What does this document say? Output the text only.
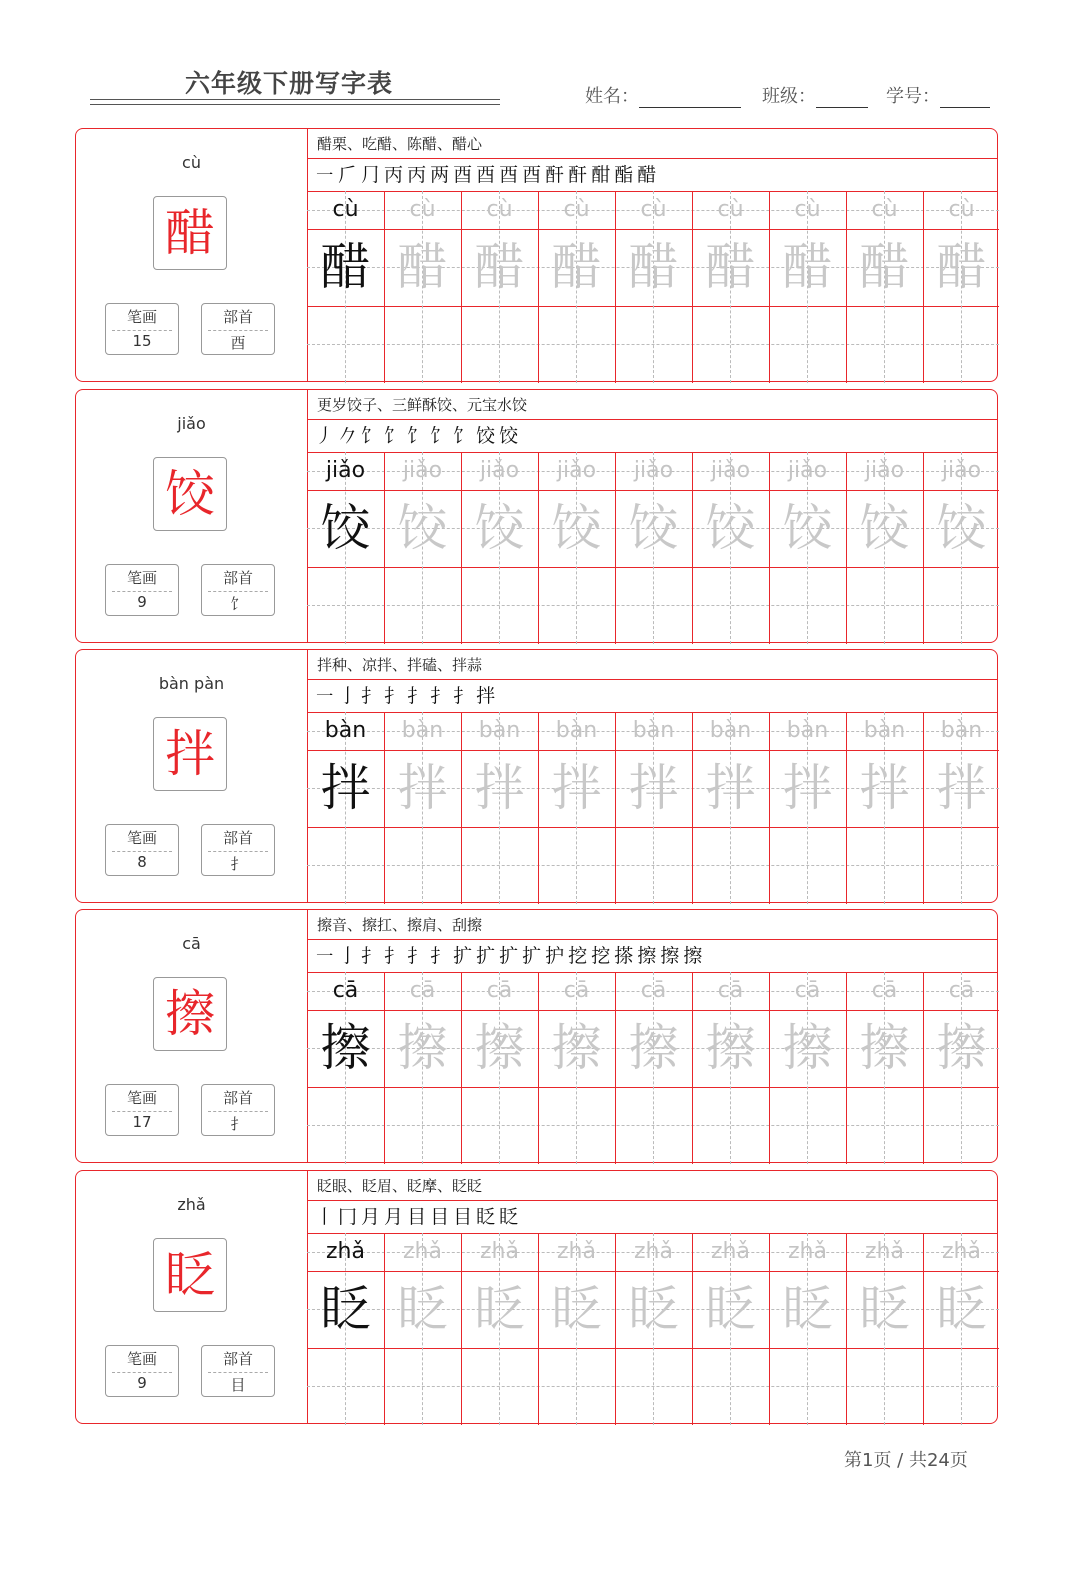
六年级下册写字表	姓名：	班级：	学号：
cù
醋
笔画
15
部首
酉
醋栗、吃醋、陈醋、醋心
㇐ 𠂆 ⺆ 丙 丙 两 酉 酉 酉 酉 酐 酐 酣 酯 醋
cù
醋
cù
醋
cù
醋
cù
醋
cù
醋
cù
醋
cù
醋
cù
醋
cù
醋
jiǎo
饺
笔画
9
部首
饣
更岁饺子、三鲜酥饺、元宝水饺
丿 𠂊 饣 饣 饣 饣 饣 饺 饺
jiǎo
饺
jiǎo
饺
jiǎo
饺
jiǎo
饺
jiǎo
饺
jiǎo
饺
jiǎo
饺
jiǎo
饺
jiǎo
饺
bàn pàn
拌
笔画
8
部首
扌
拌种、凉拌、拌磕、拌蒜
㇐ 亅 扌 扌 扌 扌 扌 拌
bàn
拌
bàn
拌
bàn
拌
bàn
拌
bàn
拌
bàn
拌
bàn
拌
bàn
拌
bàn
拌
cā
擦
笔画
17
部首
扌
擦音、擦扛、擦肩、刮擦
㇐ 亅 扌 扌 扌 扌 扩 扩 扩 扩 护 挖 挖 搽 擦 擦 擦
cā
擦
cā
擦
cā
擦
cā
擦
cā
擦
cā
擦
cā
擦
cā
擦
cā
擦
zhǎ
眨
笔画
9
部首
目
眨眼、眨眉、眨摩、眨眨
丨 冂 月 月 目 目 目 眨 眨
zhǎ
眨
zhǎ
眨
zhǎ
眨
zhǎ
眨
zhǎ
眨
zhǎ
眨
zhǎ
眨
zhǎ
眨
zhǎ
眨
第1页 / 共24页
